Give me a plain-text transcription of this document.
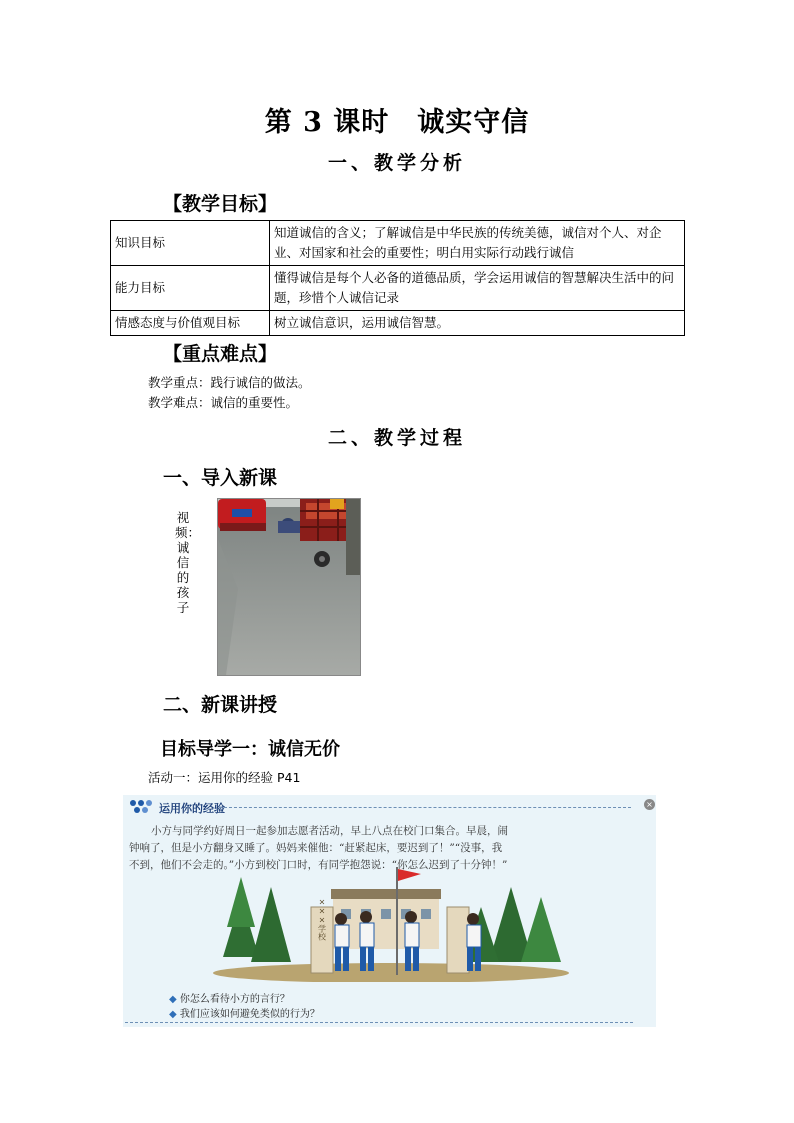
第 3 课时　诚实守信
一、教学分析
【教学目标】
知识目标	知道诚信的含义；了解诚信是中华民族的传统美德，诚信对个人、对企业、对国家和社会的重要性；明白用实际行动践行诚信
能力目标	懂得诚信是每个人必备的道德品质，学会运用诚信的智慧解决生活中的问题，珍惜个人诚信记录
情感态度与价值观目标	树立诚信意识，运用诚信智慧。
【重点难点】
教学重点：践行诚信的做法。
教学难点：诚信的重要性。
二、教学过程
一、导入新课
视频：诚信的孩子
二、新课讲授
目标导学一：诚信无价
活动一：运用你的经验 P41
运用你的经验	×
小方与同学约好周日一起参加志愿者活动，早上八点在校门口集合。早晨，闹
钟响了，但是小方翻身又睡了。妈妈来催他：“赶紧起床，要迟到了！”“没事，我
不到，他们不会走的。”小方到校门口时，有同学抱怨说：“你怎么迟到了十分钟！”
×××学校
◆ 你怎么看待小方的言行？
◆ 我们应该如何避免类似的行为？
